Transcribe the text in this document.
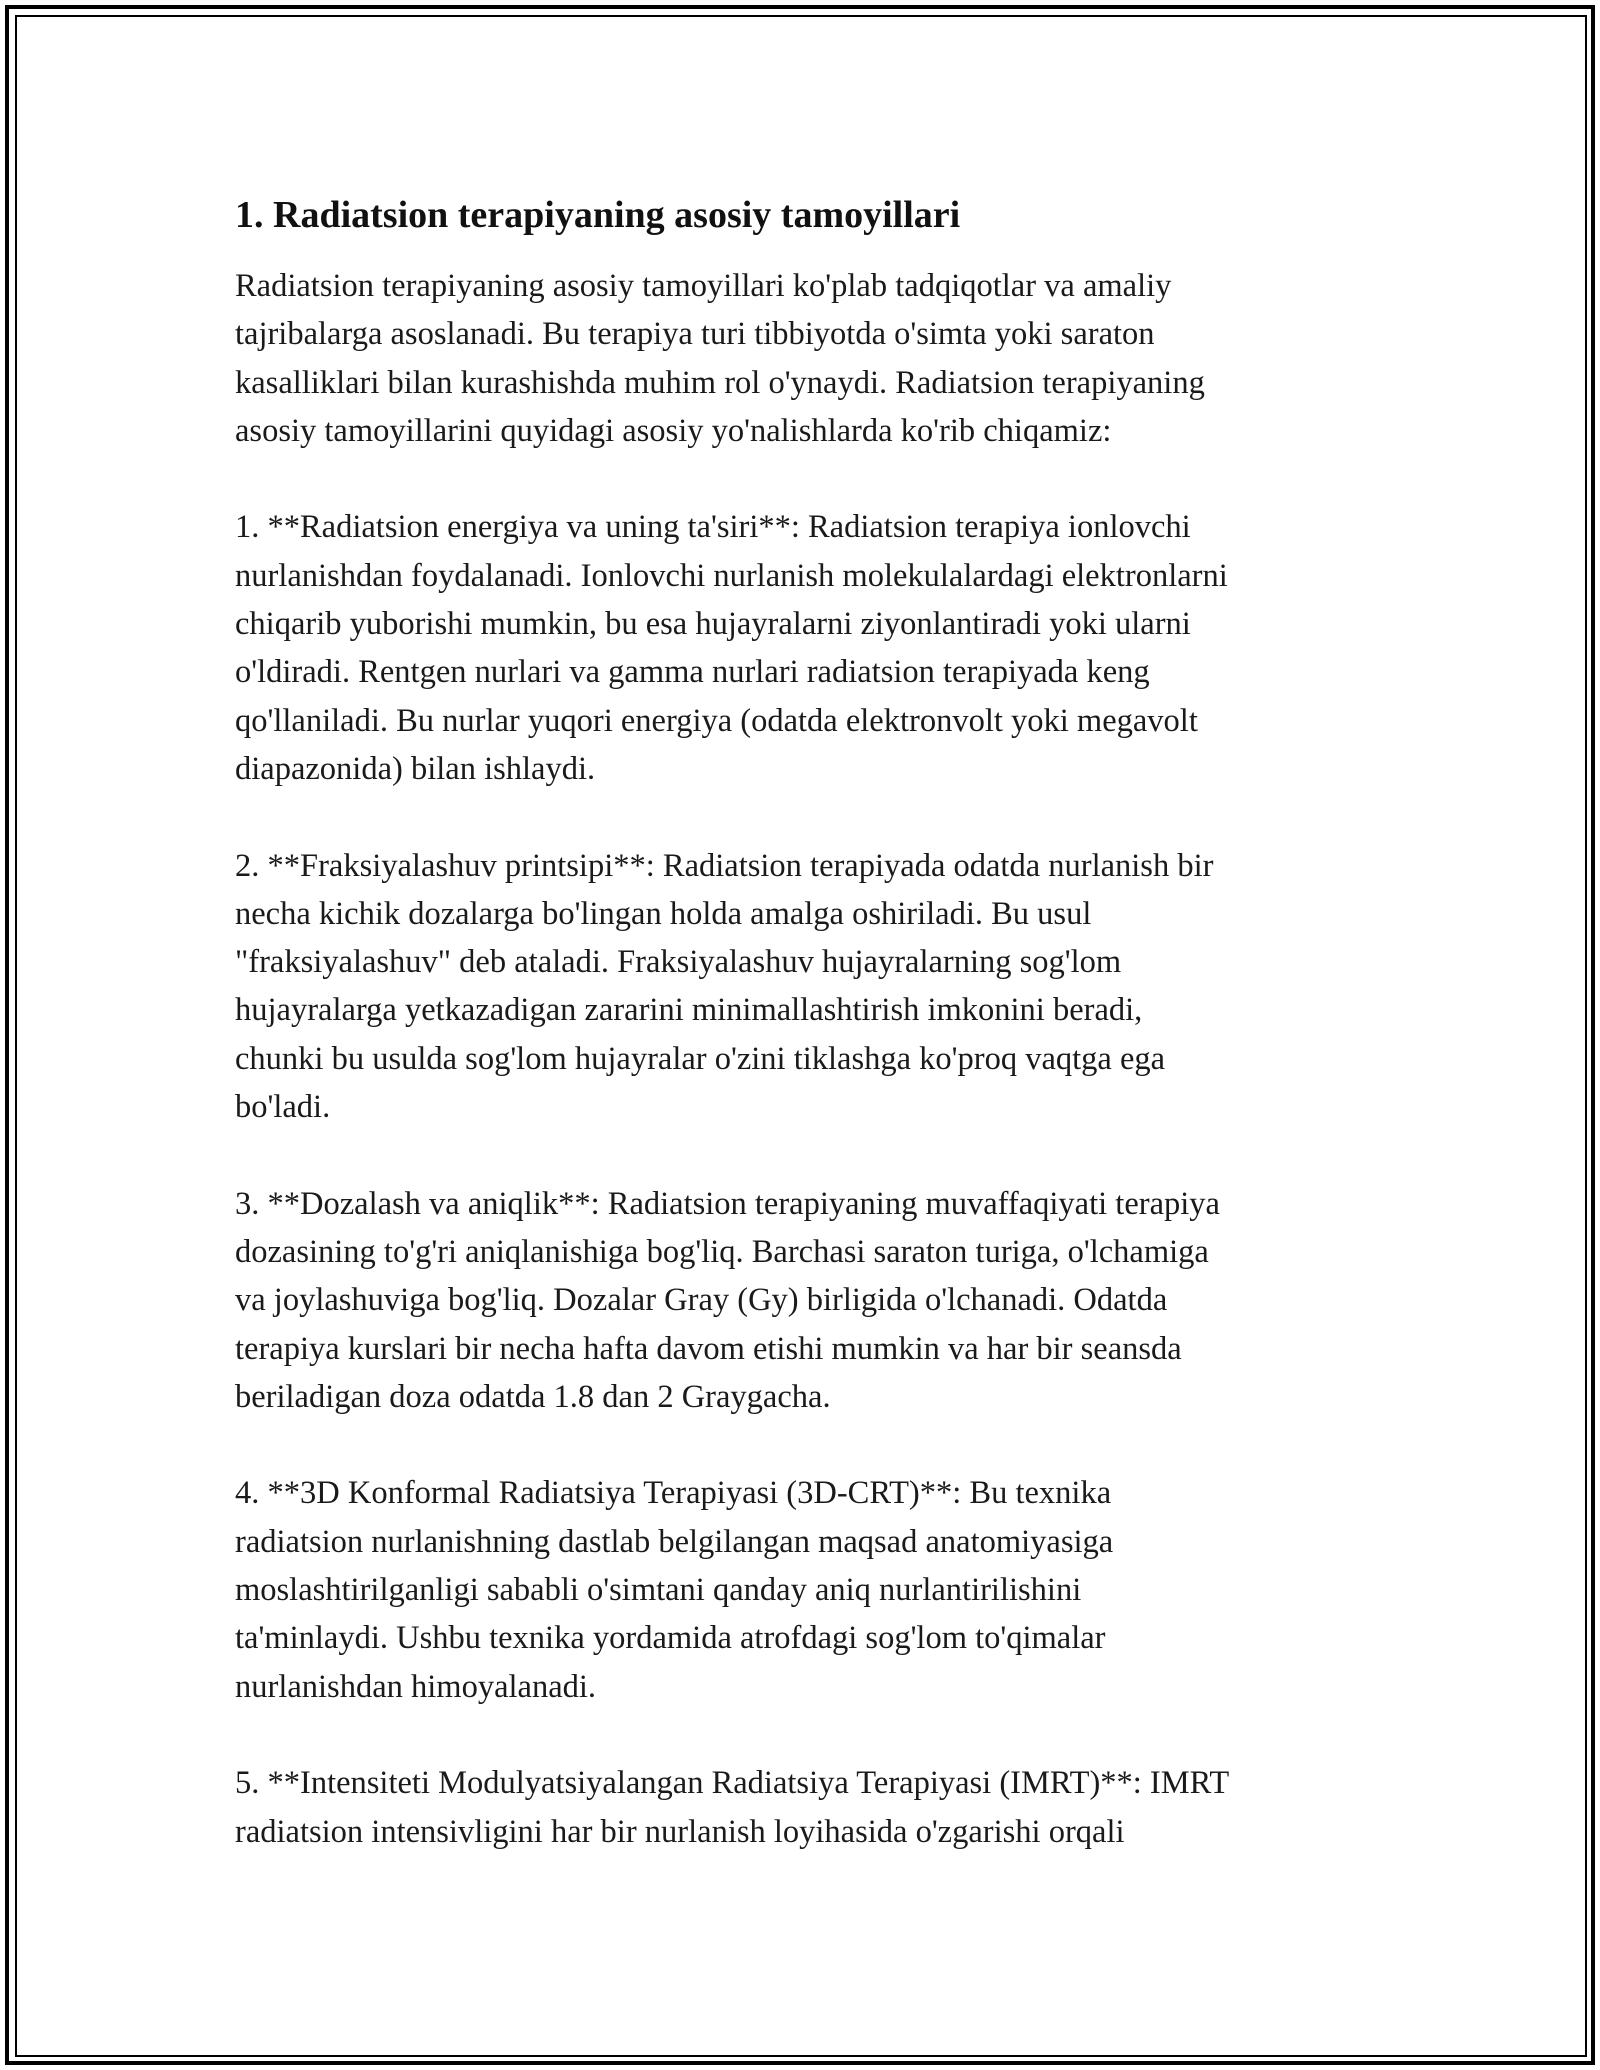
1. Radiatsion terapiyaning asosiy tamoyillari

Radiatsion terapiyaning asosiy tamoyillari ko'plab tadqiqotlar va amaliy
tajribalarga asoslanadi. Bu terapiya turi tibbiyotda o'simta yoki saraton
kasalliklari bilan kurashishda muhim rol o'ynaydi. Radiatsion terapiyaning
asosiy tamoyillarini quyidagi asosiy yo'nalishlarda ko'rib chiqamiz:

1. **Radiatsion energiya va uning ta'siri**: Radiatsion terapiya ionlovchi
nurlanishdan foydalanadi. Ionlovchi nurlanish molekulalardagi elektronlarni
chiqarib yuborishi mumkin, bu esa hujayralarni ziyonlantiradi yoki ularni
o'ldiradi. Rentgen nurlari va gamma nurlari radiatsion terapiyada keng
qo'llaniladi. Bu nurlar yuqori energiya (odatda elektronvolt yoki megavolt
diapazonida) bilan ishlaydi.

2. **Fraksiyalashuv printsipi**: Radiatsion terapiyada odatda nurlanish bir
necha kichik dozalarga bo'lingan holda amalga oshiriladi. Bu usul
"fraksiyalashuv" deb ataladi. Fraksiyalashuv hujayralarning sog'lom
hujayralarga yetkazadigan zararini minimallashtirish imkonini beradi,
chunki bu usulda sog'lom hujayralar o'zini tiklashga ko'proq vaqtga ega
bo'ladi.

3. **Dozalash va aniqlik**: Radiatsion terapiyaning muvaffaqiyati terapiya
dozasining to'g'ri aniqlanishiga bog'liq. Barchasi saraton turiga, o'lchamiga
va joylashuviga bog'liq. Dozalar Gray (Gy) birligida o'lchanadi. Odatda
terapiya kurslari bir necha hafta davom etishi mumkin va har bir seansda
beriladigan doza odatda 1.8 dan 2 Graygacha.

4. **3D Konformal Radiatsiya Terapiyasi (3D-CRT)**: Bu texnika
radiatsion nurlanishning dastlab belgilangan maqsad anatomiyasiga
moslashtirilganligi sababli o'simtani qanday aniq nurlantirilishini
ta'minlaydi. Ushbu texnika yordamida atrofdagi sog'lom to'qimalar
nurlanishdan himoyalanadi.

5. **Intensiteti Modulyatsiyalangan Radiatsiya Terapiyasi (IMRT)**: IMRT
radiatsion intensivligini har bir nurlanish loyihasida o'zgarishi orqali
